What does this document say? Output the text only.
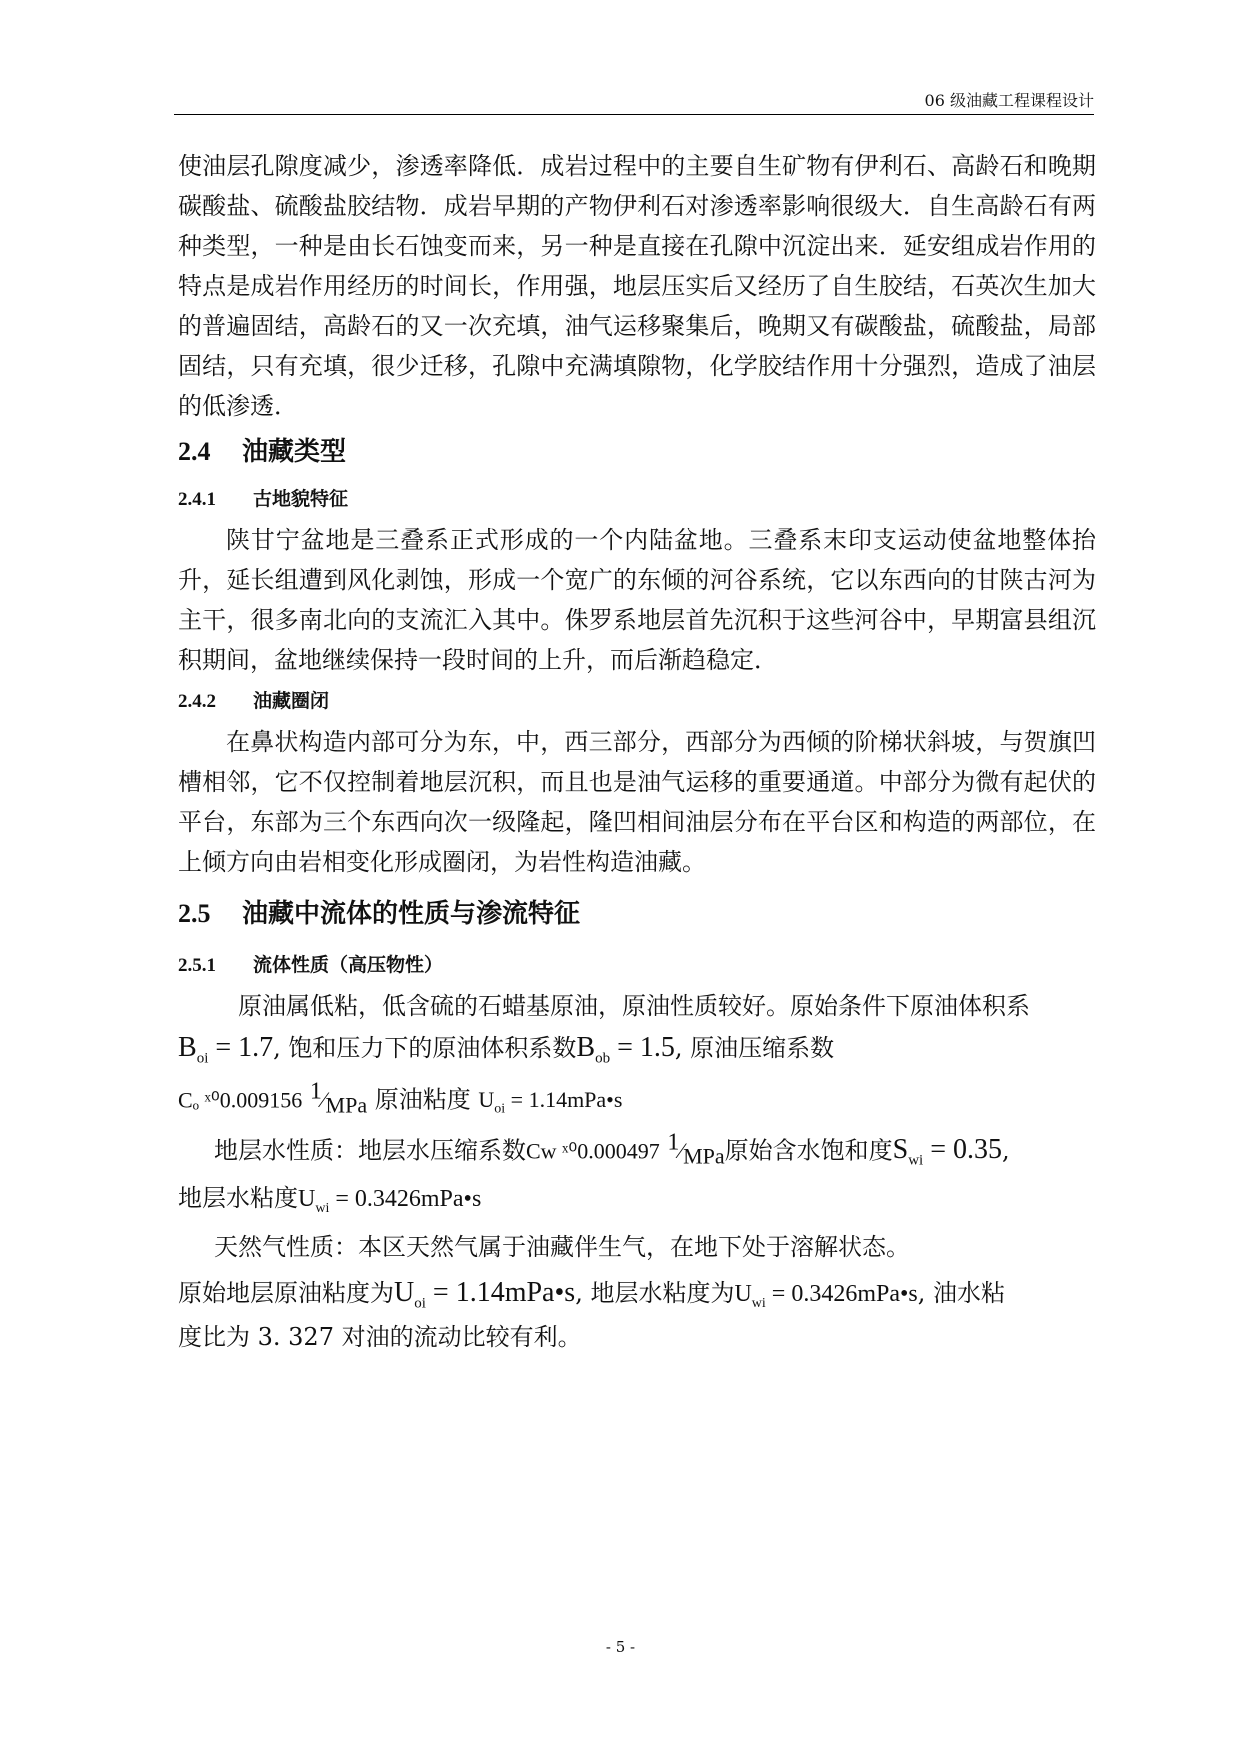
06 级油藏工程课程设计

使油层孔隙度减少，渗透率降低．成岩过程中的主要自生矿物有伊利石、高龄石和晚期碳酸盐、硫酸盐胶结物．成岩早期的产物伊利石对渗透率影响很级大．自生高龄石有两种类型，一种是由长石蚀变而来，另一种是直接在孔隙中沉淀出来．延安组成岩作用的特点是成岩作用经历的时间长，作用强，地层压实后又经历了自生胶结，石英次生加大的普遍固结，高龄石的又一次充填，油气运移聚集后，晚期又有碳酸盐，硫酸盐，局部固结，只有充填，很少迁移，孔隙中充满填隙物，化学胶结作用十分强烈，造成了油层的低渗透．

2.4 油藏类型
2.4.1 古地貌特征

陕甘宁盆地是三叠系正式形成的一个内陆盆地。三叠系末印支运动使盆地整体抬升，延长组遭到风化剥蚀，形成一个宽广的东倾的河谷系统，它以东西向的甘陕古河为主干，很多南北向的支流汇入其中。侏罗系地层首先沉积于这些河谷中，早期富县组沉积期间，盆地继续保持一段时间的上升，而后渐趋稳定．

2.4.2 油藏圈闭

在鼻状构造内部可分为东，中，西三部分，西部分为西倾的阶梯状斜坡，与贺旗凹槽相邻，它不仅控制着地层沉积，而且也是油气运移的重要通道。中部分为微有起伏的平台，东部为三个东西向次一级隆起，隆凹相间油层分布在平台区和构造的两部位，在上倾方向由岩相变化形成圈闭，为岩性构造油藏。

2.5 油藏中流体的性质与渗流特征
2.5.1 流体性质（高压物性）

原油属低粘，低含硫的石蜡基原油，原油性质较好。原始条件下原油体积系

$B_{oi} = 1.7$, 饱和压力下的原油体积系数$B_{ob} = 1.5$, 原油压缩系数
Cₒ ˣ⁰0.009156 $^1⁄_{MPa}$ 原油粘度 $U_{oi}$ = 1.14mPa•s
地层水性质：地层水压缩系数Cw ˣ⁰0.000497 $^1⁄_{MPa}$原始含水饱和度$S_{wi} = 0.35$,
地层水粘度$U_{wi}$ = 0.3426mPa•s

天然气性质：本区天然气属于油藏伴生气，在地下处于溶解状态。

原始地层原油粘度为$U_{oi}$ = 1.14mPa•s, 地层水粘度为$U_{wi}$ = 0.3426mPa•s, 油水粘

度比为 3. 327 对油的流动比较有利。

- 5 -
